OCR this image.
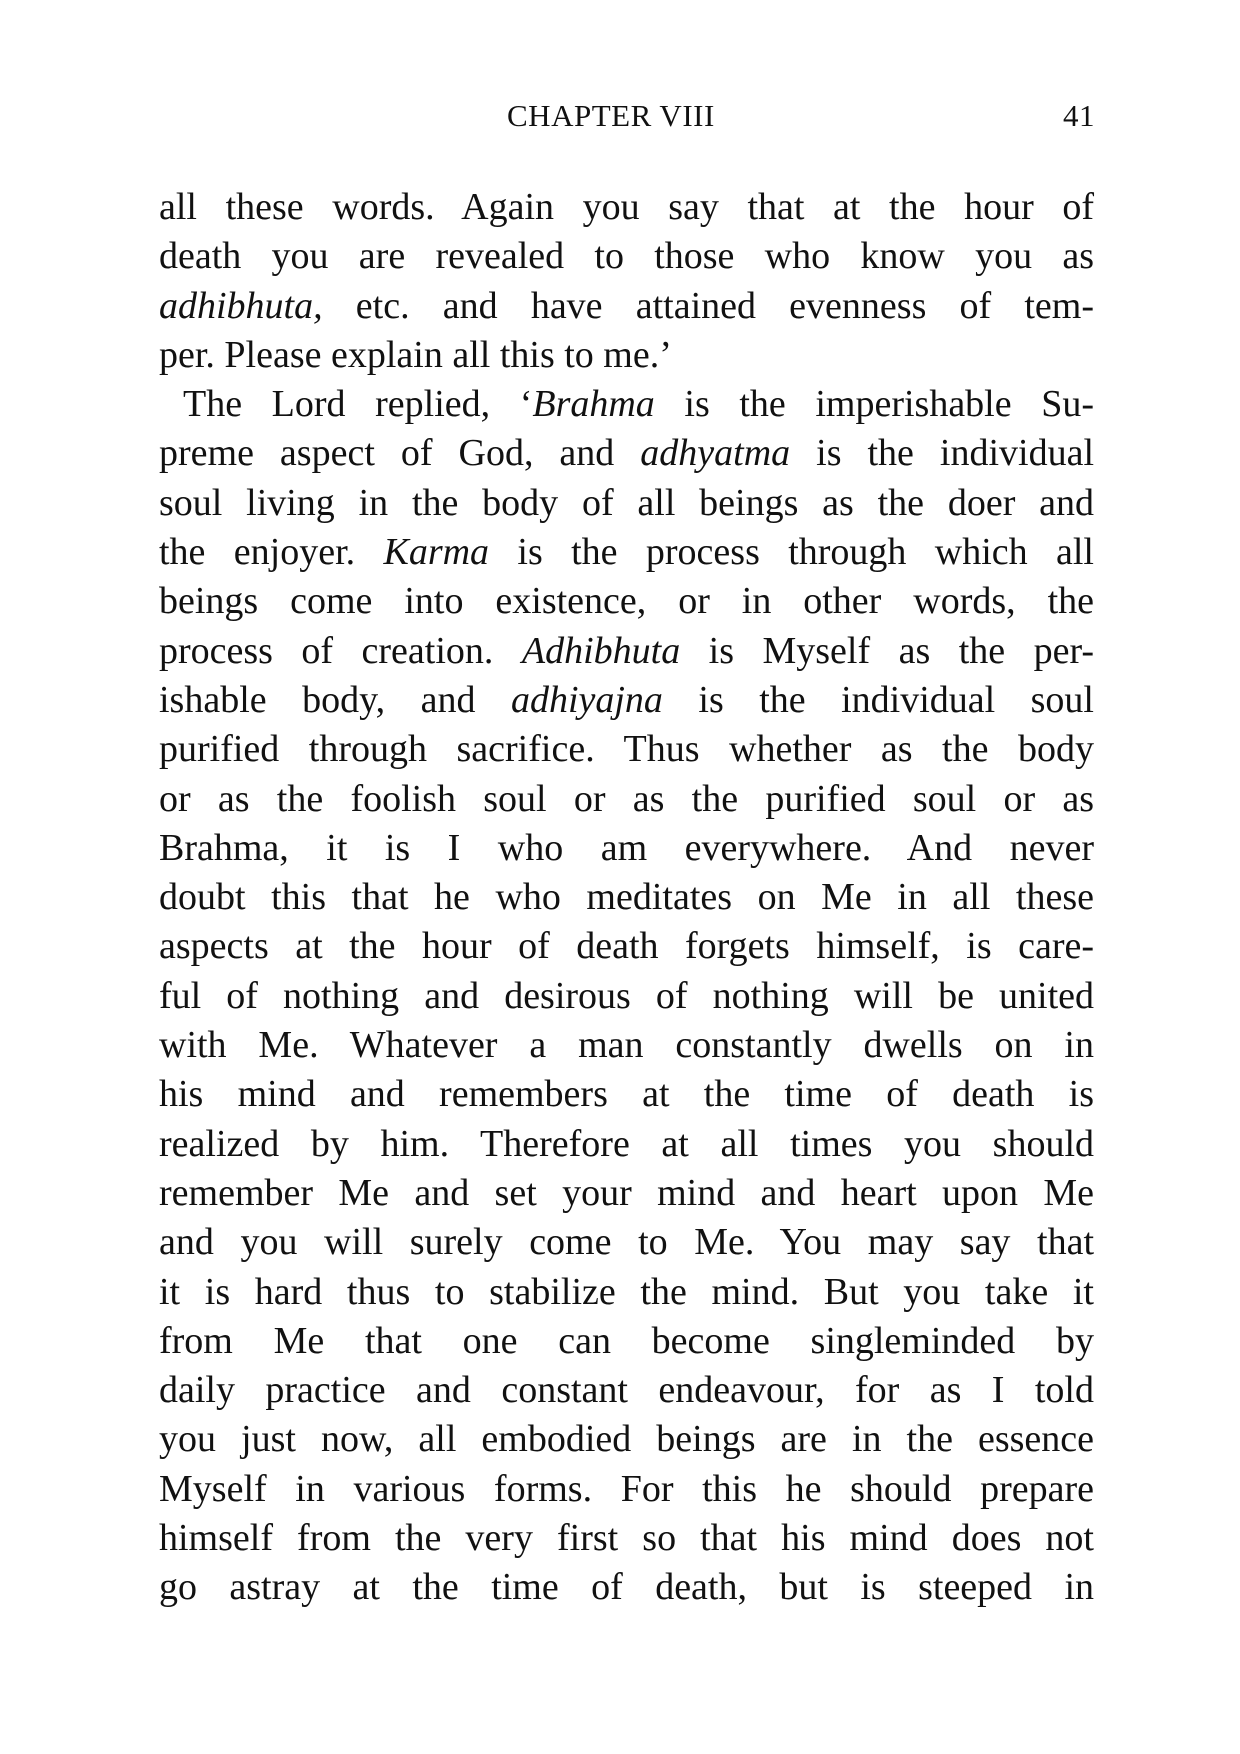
CHAPTER VIII	41
all these words. Again you say that at the hour of
death you are revealed to those who know you as
adhibhuta, etc. and have attained evenness of tem-
per. Please explain all this to me.’
The Lord replied, ‘Brahma is the imperishable Su-
preme aspect of God, and adhyatma is the individual
soul living in the body of all beings as the doer and
the enjoyer. Karma is the process through which all
beings come into existence, or in other words, the
process of creation. Adhibhuta is Myself as the per-
ishable body, and adhiyajna is the individual soul
purified through sacrifice. Thus whether as the body
or as the foolish soul or as the purified soul or as
Brahma, it is I who am everywhere. And never
doubt this that he who meditates on Me in all these
aspects at the hour of death forgets himself, is care-
ful of nothing and desirous of nothing will be united
with Me. Whatever a man constantly dwells on in
his mind and remembers at the time of death is
realized by him. Therefore at all times you should
remember Me and set your mind and heart upon Me
and you will surely come to Me. You may say that
it is hard thus to stabilize the mind. But you take it
from Me that one can become singleminded by
daily practice and constant endeavour, for as I told
you just now, all embodied beings are in the essence
Myself in various forms. For this he should prepare
himself from the very first so that his mind does not
go astray at the time of death, but is steeped in
